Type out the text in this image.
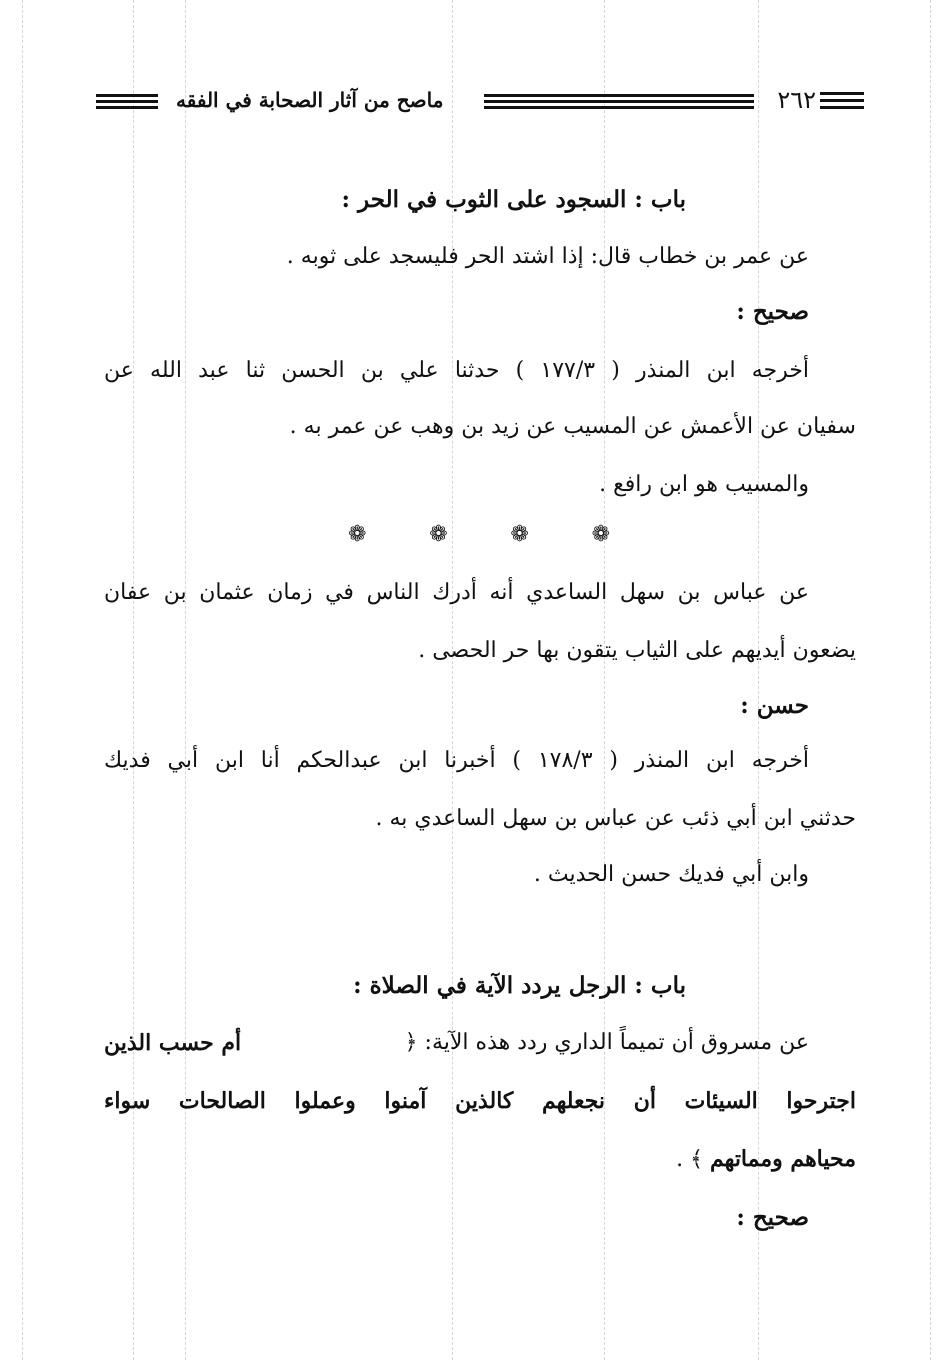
٢٦٢
ماصح من آثار الصحابة في الفقه
باب : السجود على الثوب في الحر :
عن عمر بن خطاب قال: إذا اشتد الحر فليسجد على ثوبه .
صحيح :
أخرجه ابن المنذر ( ١٧٧/٣ ) حدثنا علي بن الحسن ثنا عبد الله عن
سفيان عن الأعمش عن المسيب عن زيد بن وهب عن عمر به .
والمسيب هو ابن رافع .
❁
❁
❁
❁
عن عباس بن سهل الساعدي أنه أدرك الناس في زمان عثمان بن عفان
يضعون أيديهم على الثياب يتقون بها حر الحصى .
حسن :
أخرجه ابن المنذر ( ١٧٨/٣ ) أخبرنا ابن عبدالحكم أنا ابن أبي فديك
حدثني ابن أبي ذئب عن عباس بن سهل الساعدي به .
وابن أبي فديك حسن الحديث .
باب : الرجل يردد الآية في الصلاة :
عن مسروق أن تميماً الداري ردد هذه الآية: ﴿
أم حسب الذين
اجترحوا السيئات أن نجعلهم كالذين آمنوا وعملوا الصالحات سواء
محياهم ومماتهم ﴾ .
صحيح :
